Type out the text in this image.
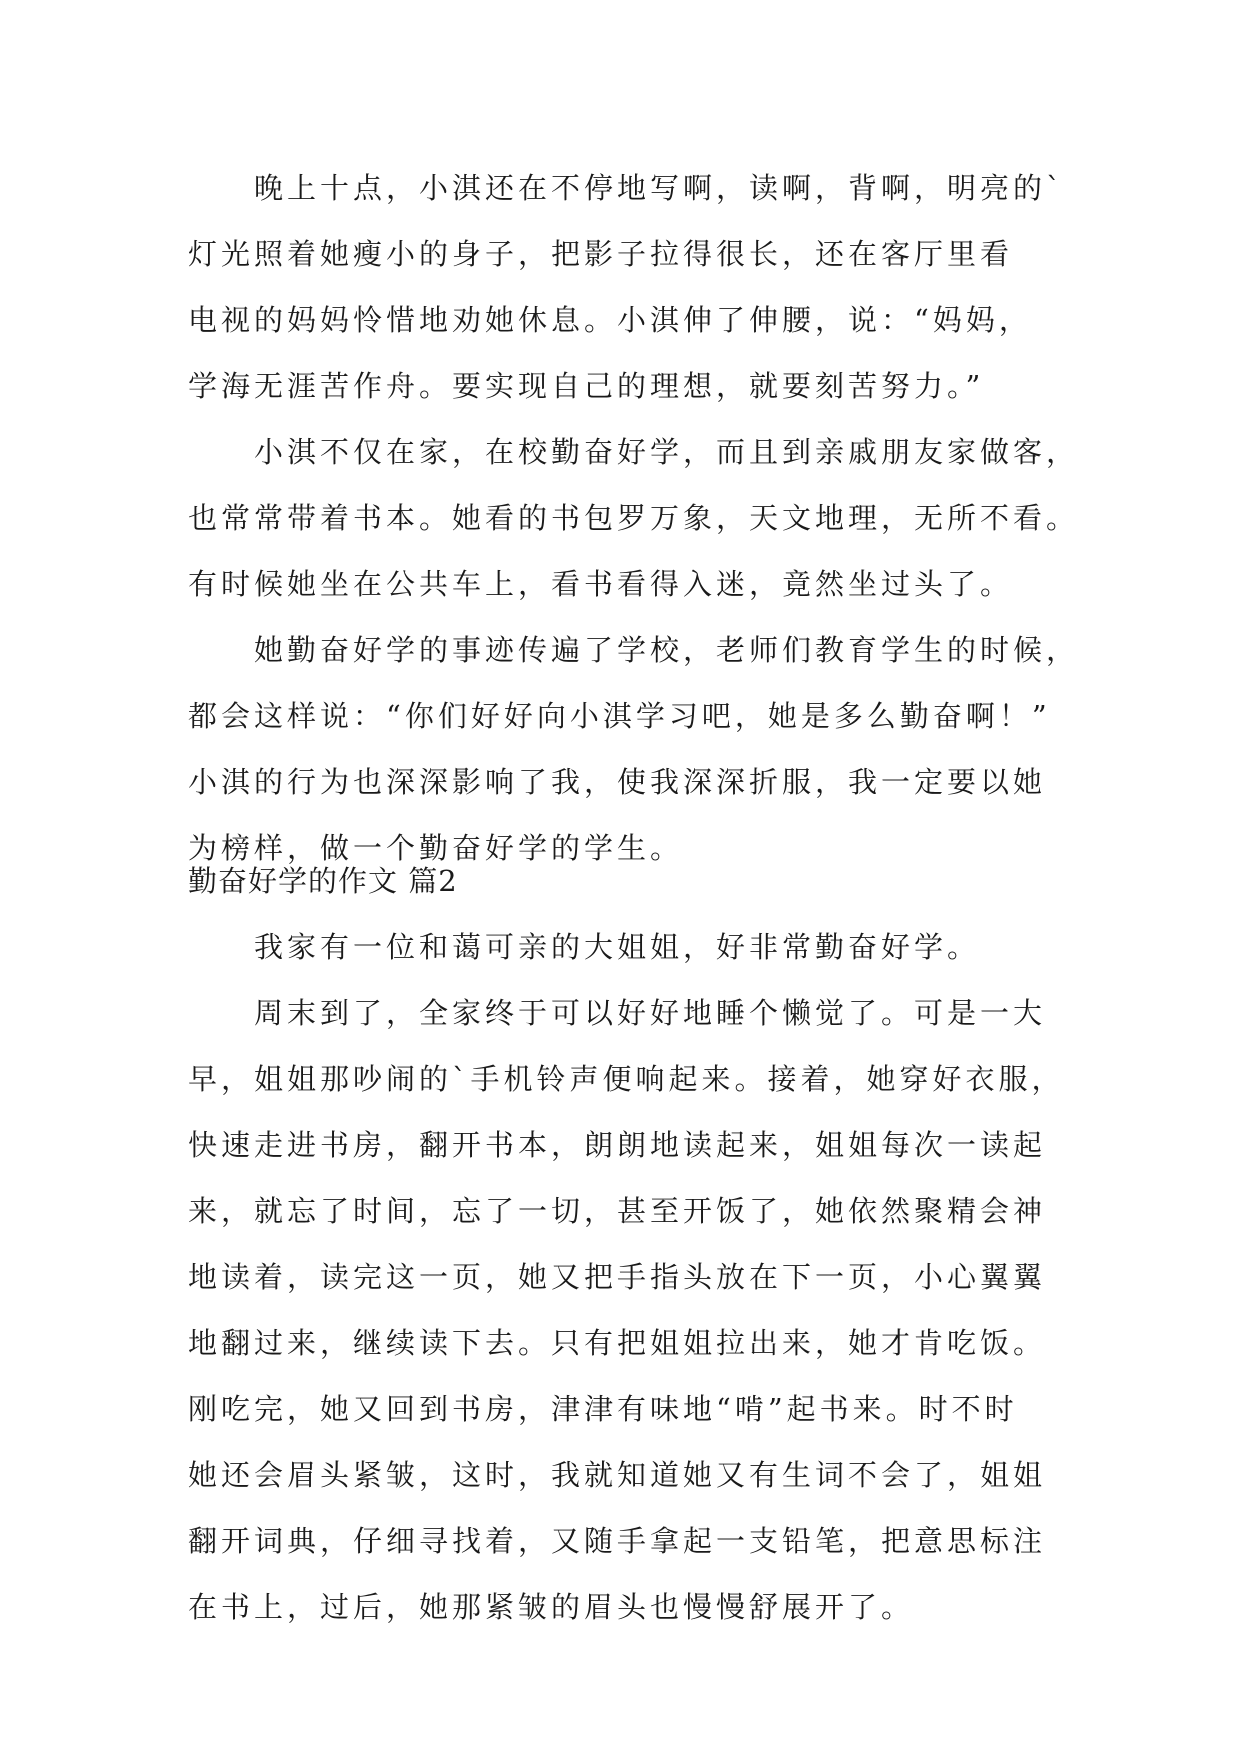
晚上十点，小淇还在不停地写啊，读啊，背啊，明亮的`
灯光照着她瘦小的身子，把影子拉得很长，还在客厅里看
电视的妈妈怜惜地劝她休息。小淇伸了伸腰，说：“妈妈，
学海无涯苦作舟。要实现自己的理想，就要刻苦努力。”
小淇不仅在家，在校勤奋好学，而且到亲戚朋友家做客，
也常常带着书本。她看的书包罗万象，天文地理，无所不看。
有时候她坐在公共车上，看书看得入迷，竟然坐过头了。
她勤奋好学的事迹传遍了学校，老师们教育学生的时候，
都会这样说：“你们好好向小淇学习吧，她是多么勤奋啊！”
小淇的行为也深深影响了我，使我深深折服，我一定要以她
为榜样，做一个勤奋好学的学生。
勤奋好学的作文 篇2
我家有一位和蔼可亲的大姐姐，好非常勤奋好学。
周末到了，全家终于可以好好地睡个懒觉了。可是一大
早，姐姐那吵闹的`手机铃声便响起来。接着，她穿好衣服，
快速走进书房，翻开书本，朗朗地读起来，姐姐每次一读起
来，就忘了时间，忘了一切，甚至开饭了，她依然聚精会神
地读着，读完这一页，她又把手指头放在下一页，小心翼翼
地翻过来，继续读下去。只有把姐姐拉出来，她才肯吃饭。
刚吃完，她又回到书房，津津有味地“啃”起书来。时不时
她还会眉头紧皱，这时，我就知道她又有生词不会了，姐姐
翻开词典，仔细寻找着，又随手拿起一支铅笔，把意思标注
在书上，过后，她那紧皱的眉头也慢慢舒展开了。
